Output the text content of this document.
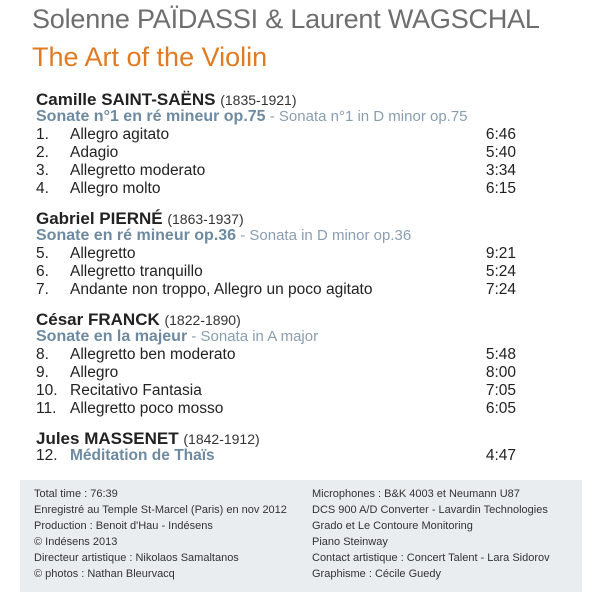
Solenne PAÏDASSI & Laurent WAGSCHAL
The Art of the Violin
Camille SAINT-SAËNS (1835-1921)
Sonate n°1 en ré mineur op.75 - Sonata n°1 in D minor op.75
1. Allegro agitato	6:46
2. Adagio	5:40
3. Allegretto moderato	3:34
4. Allegro molto	6:15
Gabriel PIERNÉ (1863-1937)
Sonate en ré mineur op.36 - Sonata in D minor op.36
5. Allegretto	9:21
6. Allegretto tranquillo	5:24
7. Andante non troppo, Allegro un poco agitato	7:24
César FRANCK (1822-1890)
Sonate en la majeur - Sonata in A major
8. Allegretto ben moderato	5:48
9. Allegro	8:00
10. Recitativo Fantasia	7:05
11. Allegretto poco mosso	6:05
Jules MASSENET (1842-1912)
12. Méditation de Thaïs	4:47
Total time : 76:39
Enregistré au Temple St-Marcel (Paris) en nov 2012
Production : Benoit d'Hau - Indésens
© Indésens 2013
Directeur artistique : Nikolaos Samaltanos
© photos : Nathan Bleurvacq
Microphones : B&K 4003 et Neumann U87
DCS 900 A/D Converter - Lavardin Technologies
Grado et Le Contoure Monitoring
Piano Steinway
Contact artistique : Concert Talent - Lara Sidorov
Graphisme : Cécile Guedy
